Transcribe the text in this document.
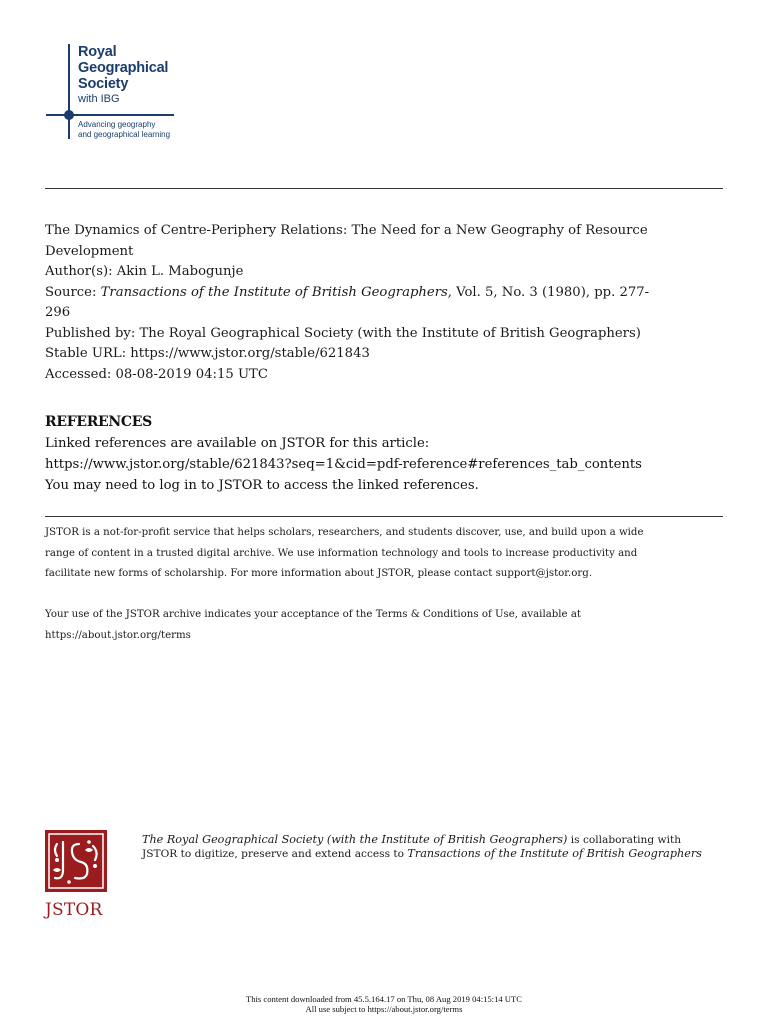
Royal
Geographical
Society
with IBG
Advancing geography
and geographical learning

The Dynamics of Centre-Periphery Relations: The Need for a New Geography of Resource

Development

Author(s): Akin L. Mabogunje

Source: Transactions of the Institute of British Geographers, Vol. 5, No. 3 (1980), pp. 277-

296

Published by: The Royal Geographical Society (with the Institute of British Geographers)

Stable URL: https://www.jstor.org/stable/621843

Accessed: 08-08-2019 04:15 UTC

REFERENCES

Linked references are available on JSTOR for this article:

https://www.jstor.org/stable/621843?seq=1&cid=pdf-reference#references_tab_contents

You may need to log in to JSTOR to access the linked references.

JSTOR is a not-for-profit service that helps scholars, researchers, and students discover, use, and build upon a wide

range of content in a trusted digital archive. We use information technology and tools to increase productivity and

facilitate new forms of scholarship. For more information about JSTOR, please contact support@jstor.org.

Your use of the JSTOR archive indicates your acceptance of the Terms & Conditions of Use, available at

https://about.jstor.org/terms

JSTOR
The Royal Geographical Society (with the Institute of British Geographers) is collaborating with JSTOR to digitize, preserve and extend access to Transactions of the Institute of British Geographers

This content downloaded from 45.5.164.17 on Thu, 08 Aug 2019 04:15:14 UTC

All use subject to https://about.jstor.org/terms
